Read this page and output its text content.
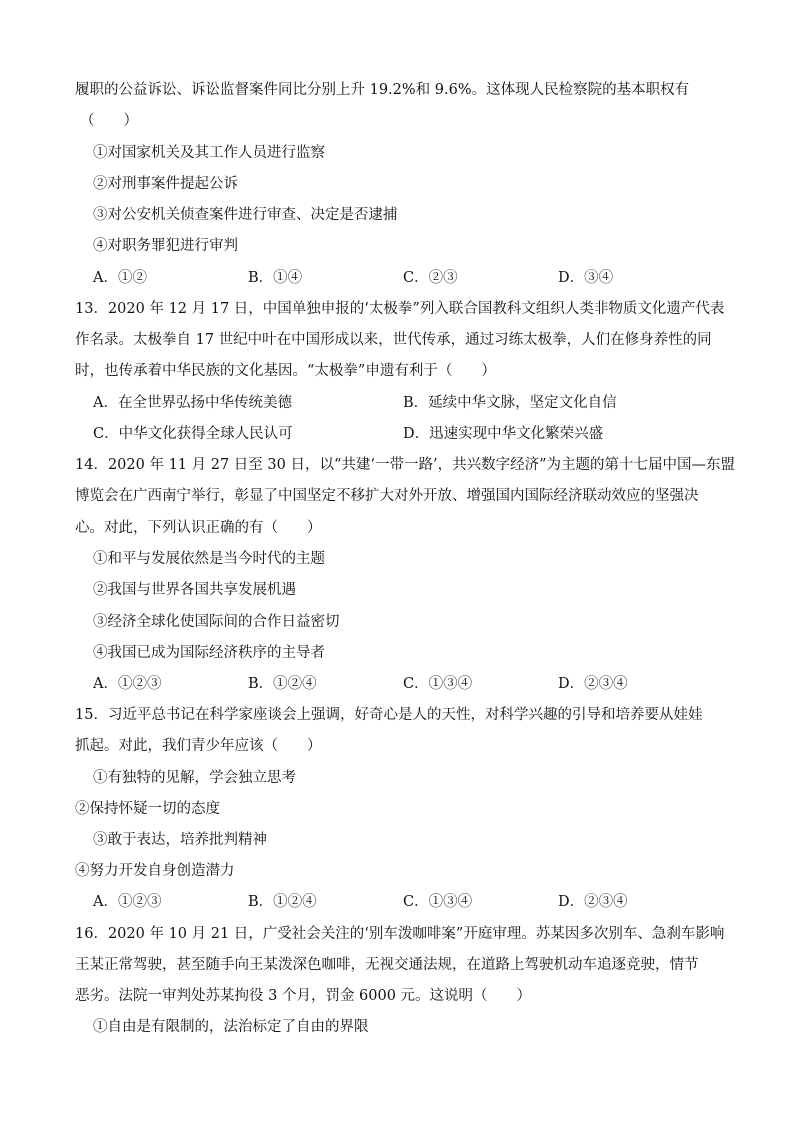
履职的公益诉讼、诉讼监督案件同比分别上升 19.2%和 9.6%。这体现人民检察院的基本职权有
（　　）
①对国家机关及其工作人员进行监察
②对刑事案件提起公诉
③对公安机关侦查案件进行审查、决定是否逮捕
④对职务罪犯进行审判
A．①②	B．①④	C．②③	D．③④
13．2020 年 12 月 17 日，中国单独申报的‘太极拳”列入联合国教科文组织人类非物质文化遗产代表
作名录。太极拳自 17 世纪中叶在中国形成以来，世代传承，通过习练太极拳，人们在修身养性的同
时，也传承着中华民族的文化基因。“太极拳”申遗有利于（　　）
A．在全世界弘扬中华传统美德	B．延续中华文脉，坚定文化自信
C．中华文化获得全球人民认可	D．迅速实现中华文化繁荣兴盛
14．2020 年 11 月 27 日至 30 日，以“共建‘一带一路’，共兴数字经济”为主题的第十七届中国—东盟
博览会在广西南宁举行，彰显了中国坚定不移扩大对外开放、增强国内国际经济联动效应的坚强决
心。对此，下列认识正确的有（　　）
①和平与发展依然是当今时代的主题
②我国与世界各国共享发展机遇
③经济全球化使国际间的合作日益密切
④我国已成为国际经济秩序的主导者
A．①②③	B．①②④	C．①③④	D．②③④
15．习近平总书记在科学家座谈会上强调，好奇心是人的天性，对科学兴趣的引导和培养要从娃娃
抓起。对此，我们青少年应该（　　）
①有独特的见解，学会独立思考
②保持怀疑一切的态度
③敢于表达，培养批判精神
④努力开发自身创造潜力
A．①②③	B．①②④	C．①③④	D．②③④
16．2020 年 10 月 21 日，广受社会关注的‘别车泼咖啡案”开庭审理。苏某因多次别车、急刹车影响
王某正常驾驶，甚至随手向王某泼深色咖啡，无视交通法规，在道路上驾驶机动车追逐竞驶，情节
恶劣。法院一审判处苏某拘役 3 个月，罚金 6000 元。这说明（　　）
①自由是有限制的，法治标定了自由的界限
